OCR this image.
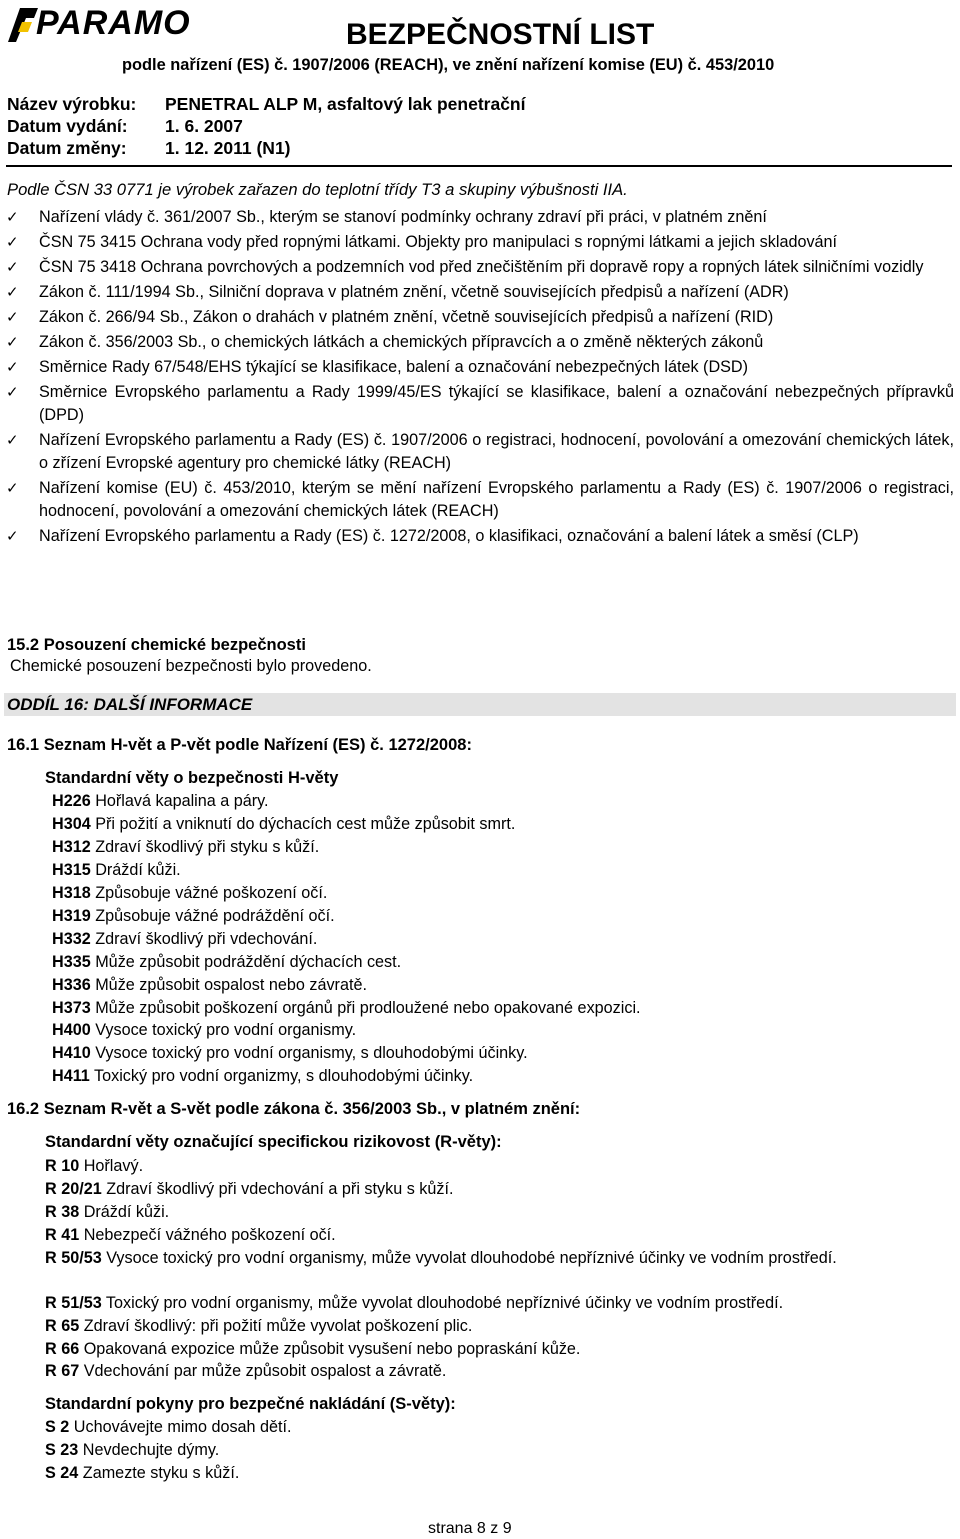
PARAMO	BEZPEČNOSTNÍ LIST
podle nařízení (ES) č. 1907/2006 (REACH), ve znění nařízení komise (EU) č. 453/2010
Název výrobku: PENETRAL ALP M, asfaltový lak penetrační
Datum vydání: 1. 6. 2007
Datum změny: 1. 12. 2011 (N1)
Podle ČSN 33 0771 je výrobek zařazen do teplotní třídy T3 a skupiny výbušnosti IIA.
✓ Nařízení vlády č. 361/2007 Sb., kterým se stanoví podmínky ochrany zdraví při práci, v platném znění
✓ ČSN 75 3415 Ochrana vody před ropnými látkami. Objekty pro manipulaci s ropnými látkami a jejich skladování
✓ ČSN 75 3418 Ochrana povrchových a podzemních vod před znečištěním při dopravě ropy a ropných látek silničními vozidly
✓ Zákon č. 111/1994 Sb., Silniční doprava v platném znění, včetně souvisejících předpisů a nařízení (ADR)
✓ Zákon č. 266/94 Sb., Zákon o drahách v platném znění, včetně souvisejících předpisů a nařízení (RID)
✓ Zákon č. 356/2003 Sb., o chemických látkách a chemických přípravcích a o změně některých zákonů
✓ Směrnice Rady 67/548/EHS týkající se klasifikace, balení a označování nebezpečných látek (DSD)
✓ Směrnice Evropského parlamentu a Rady 1999/45/ES týkající se klasifikace, balení a označování nebezpečných přípravků (DPD)
✓ Nařízení Evropského parlamentu a Rady (ES) č. 1907/2006 o registraci, hodnocení, povolování a omezování chemických látek, o zřízení Evropské agentury pro chemické látky (REACH)
✓ Nařízení komise (EU) č. 453/2010, kterým se mění nařízení Evropského parlamentu a Rady (ES) č. 1907/2006 o registraci, hodnocení, povolování a omezování chemických látek (REACH)
✓ Nařízení Evropského parlamentu a Rady (ES) č. 1272/2008, o klasifikaci, označování a balení látek a směsí (CLP)
15.2 Posouzení chemické bezpečnosti
Chemické posouzení bezpečnosti bylo provedeno.
ODDÍL 16: DALŠÍ INFORMACE
16.1 Seznam H-vět a P-vět podle Nařízení (ES) č. 1272/2008:
Standardní věty o bezpečnosti H-věty
H226 Hořlavá kapalina a páry.
H304 Při požití a vniknutí do dýchacích cest může způsobit smrt.
H312 Zdraví škodlivý při styku s kůží.
H315 Dráždí kůži.
H318 Způsobuje vážné poškození očí.
H319 Způsobuje vážné podráždění očí.
H332 Zdraví škodlivý při vdechování.
H335 Může způsobit podráždění dýchacích cest.
H336 Může způsobit ospalost nebo závratě.
H373 Může způsobit poškození orgánů při prodloužené nebo opakované expozici.
H400 Vysoce toxický pro vodní organismy.
H410 Vysoce toxický pro vodní organismy, s dlouhodobými účinky.
H411 Toxický pro vodní organizmy, s dlouhodobými účinky.
16.2 Seznam R-vět a S-vět podle zákona č. 356/2003 Sb., v platném znění:
Standardní věty označující specifickou rizikovost (R-věty):
R 10 Hořlavý.
R 20/21 Zdraví škodlivý při vdechování a při styku s kůží.
R 38 Dráždí kůži.
R 41 Nebezpečí vážného poškození očí.
R 50/53 Vysoce toxický pro vodní organismy, může vyvolat dlouhodobé nepříznivé účinky ve vodním prostředí.
R 51/53 Toxický pro vodní organismy, může vyvolat dlouhodobé nepříznivé účinky ve vodním prostředí.
R 65 Zdraví škodlivý: při požití může vyvolat poškození plic.
R 66 Opakovaná expozice může způsobit vysušení nebo popraskání kůže.
R 67 Vdechování par může způsobit ospalost a závratě.
Standardní pokyny pro bezpečné nakládání (S-věty):
S 2 Uchovávejte mimo dosah dětí.
S 23 Nevdechujte dýmy.
S 24 Zamezte styku s kůží.
strana 8 z 9
